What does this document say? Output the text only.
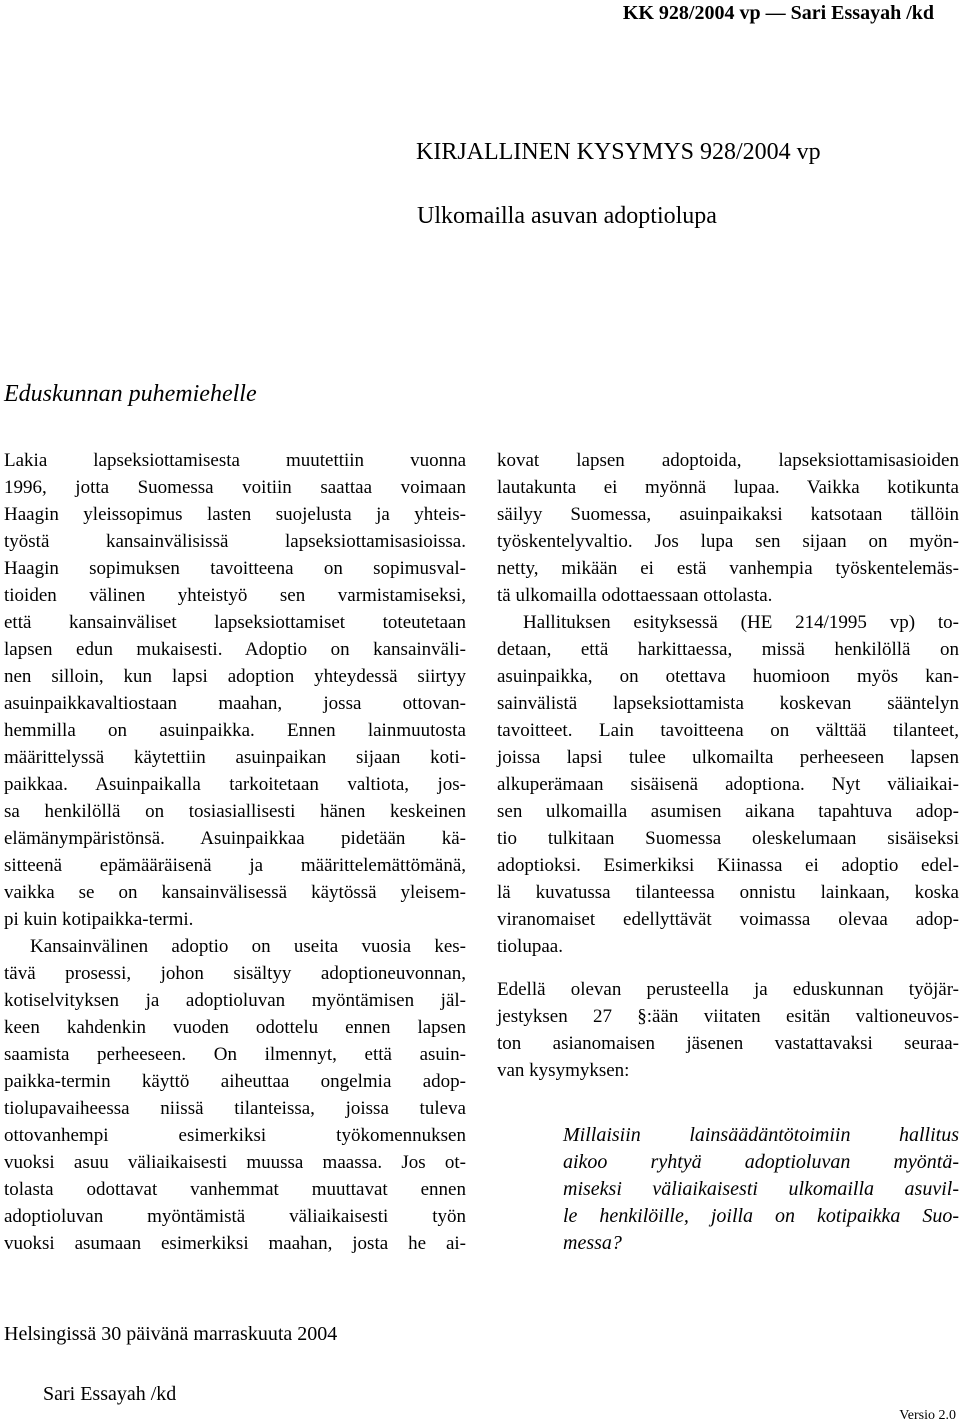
KK 928/2004 vp — Sari Essayah /kd
KIRJALLINEN KYSYMYS 928/2004 vp
Ulkomailla asuvan adoptiolupa
Eduskunnan puhemiehelle
Lakia lapseksiottamisesta muutettiin vuonna
1996, jotta Suomessa voitiin saattaa voimaan
Haagin yleissopimus lasten suojelusta ja yhteis-
työstä kansainvälisissä lapseksiottamisasioissa.
Haagin sopimuksen tavoitteena on sopimusval-
tioiden välinen yhteistyö sen varmistamiseksi,
että kansainväliset lapseksiottamiset toteutetaan
lapsen edun mukaisesti. Adoptio on kansainväli-
nen silloin, kun lapsi adoption yhteydessä siirtyy
asuinpaikkavaltiostaan maahan, jossa ottovan-
hemmilla on asuinpaikka. Ennen lainmuutosta
määrittelyssä käytettiin asuinpaikan sijaan koti-
paikkaa. Asuinpaikalla tarkoitetaan valtiota, jos-
sa henkilöllä on tosiasiallisesti hänen keskeinen
elämänympäristönsä. Asuinpaikkaa pidetään kä-
sitteenä epämääräisenä ja määrittelemättömänä,
vaikka se on kansainvälisessä käytössä yleisem-
pi kuin kotipaikka-termi.
Kansainvälinen adoptio on useita vuosia kes-
tävä prosessi, johon sisältyy adoptioneuvonnan,
kotiselvityksen ja adoptioluvan myöntämisen jäl-
keen kahdenkin vuoden odottelu ennen lapsen
saamista perheeseen. On ilmennyt, että asuin-
paikka-termin käyttö aiheuttaa ongelmia adop-
tiolupavaiheessa niissä tilanteissa, joissa tuleva
ottovanhempi esimerkiksi työkomennuksen
vuoksi asuu väliaikaisesti muussa maassa. Jos ot-
tolasta odottavat vanhemmat muuttavat ennen
adoptioluvan myöntämistä väliaikaisesti työn
vuoksi asumaan esimerkiksi maahan, josta he ai-
kovat lapsen adoptoida, lapseksiottamisasioiden
lautakunta ei myönnä lupaa. Vaikka kotikunta
säilyy Suomessa, asuinpaikaksi katsotaan tällöin
työskentelyvaltio. Jos lupa sen sijaan on myön-
netty, mikään ei estä vanhempia työskentelemäs-
tä ulkomailla odottaessaan ottolasta.
Hallituksen esityksessä (HE 214/1995 vp) to-
detaan, että harkittaessa, missä henkilöllä on
asuinpaikka, on otettava huomioon myös kan-
sainvälistä lapseksiottamista koskevan sääntelyn
tavoitteet. Lain tavoitteena on välttää tilanteet,
joissa lapsi tulee ulkomailta perheeseen lapsen
alkuperämaan sisäisenä adoptiona. Nyt väliaikai-
sen ulkomailla asumisen aikana tapahtuva adop-
tio tulkitaan Suomessa oleskelumaan sisäiseksi
adoptioksi. Esimerkiksi Kiinassa ei adoptio edel-
lä kuvatussa tilanteessa onnistu lainkaan, koska
viranomaiset edellyttävät voimassa olevaa adop-
tiolupaa.
Edellä olevan perusteella ja eduskunnan työjär-
jestyksen 27 §:ään viitaten esitän valtioneuvos-
ton asianomaisen jäsenen vastattavaksi seuraa-
van kysymyksen:
Millaisiin lainsäädäntötoimiin hallitus
aikoo ryhtyä adoptioluvan myöntä-
miseksi väliaikaisesti ulkomailla asuvil-
le henkilöille, joilla on kotipaikka Suo-
messa?
Helsingissä 30 päivänä marraskuuta 2004
Sari Essayah /kd
Versio 2.0
